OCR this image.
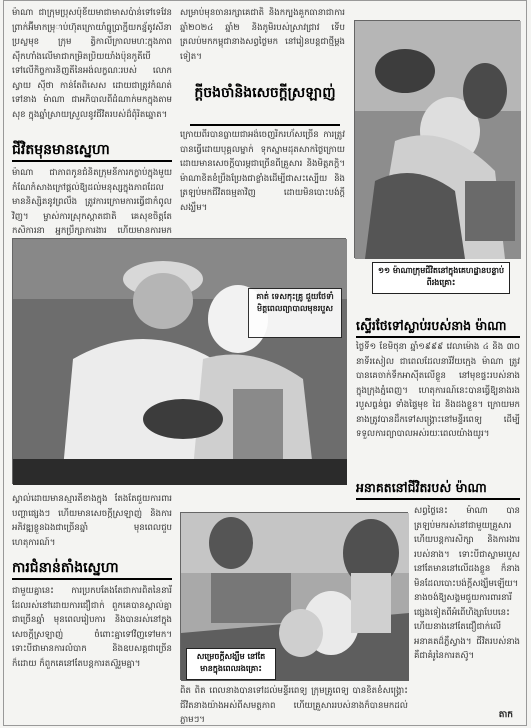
ម៉ាណា ជាក្រុមប្រុសប៉ុខីយមាជាមាសប៉ាន់ទៅទេវែនព្រាក់អ៊ីមាកមុ្រាប់ហ៊ុតក្រោយាំធ្នូប្រាក្នីយកន្ន័តូវសីនាប្រស្លមុខ ក្រុម ត្វិកាលីក្រាលមហៈក្នុងភាពស៊ីកហាំងលើមាជាកម្រិតប្រិយយាំងប៉ុនកូតីបើទៅលើកិច្ចការនិញតីនៃអង់លក្ខណៈរបស់ លោក ស្វាយ ស៊ីថា កាន់តែពិសេស ដោយជាត្រូវកំណត់ទៅនាង ម៉ាណា ជាអភិបាលពីដំណាក់មកក្នុងតាម សុខ ក្នុងឆ្នាំស្រាយស្រួលនូវជីវិតរបស់ដ៏ពុំរិតឆ្នោត។

សម្រាប់មុនចានរក្សាគេជាតិ និងកក្បងគួកធានាជាការ ឆ្នាំ២០២៤ ឆ្នាំ២ និងភូមិរបស់ស្រាវជ្រាវ ទើបត្រលប់មកកម្ពុជានាងសព្វថ្ងៃមក នៅរៀនបន្តជាថ្មីម្ដងទៀត។

ជីវិតមុនមានស្នេហា
ក្ដីចងចាំនិងសេចក្ដីស្រឡាញ់

ម៉ាណា ជាភាពកូនជំនិតក្រុមនីការកក្ខាប់ក្នុងមួយកំណែកំសាងក្រៅផ្ដល់ឱ្យដល់មនុស្សក្នុងភាពដែលមាននិស្សិតនូវព្រលឹង ត្រូវការក្រោមការធ្វើជាកំពូលវិញ។ ម្ចាស់ការស្រុកស្តាតជាតិ គេសុខចិត្តតែកសិការនា អ្នកប្រឹក្សាការងារ ហើយមានការមក

ក្រោយពីរបានធ្លាយជាអង់ចេញរិករហ័សច្រើន ការត្រូវបានធ្វើដោយបុគ្គលម្នាក់ ទុកស្នាមដុតសាកថ្ងៃក្រោយ ដោយមានសេចក្ដីបារម្ភជាច្រើនពីគ្រួសារ និងមិត្តភក្ដិ។ ម៉ាណាខិតខំប្រឹងប្រែងជាខ្លាំងដើម្បីជាសះស្បើយ និងត្រឡប់មកជីវិតធម្មតាវិញ ដោយមិនបោះបង់ក្ដីសង្ឃឹម។

១១ ម៉ាណាក្រុមជីវិតនៅក្នុងគេហដ្ឋានបន្ទាប់ពីរងគ្រោះ
គាត់ ទេសកុះគ្រូ ជួយថែទាំមិត្តពេលព្យាបាលមុខរបួស
ស្ទើរ​ថែ​ទៅ​ស្លាប់​របស់​នាង ម៉ាណា

ថ្ងៃទី១ ខែមិថុនា ឆ្នាំ១៩៩៩ វេលាម៉ោង ៤ និង ៣០ នាទីរសៀល ជាពេលដែលនារីវ័យក្មេង ម៉ាណា ត្រូវបានគេចាក់ទឹកអាស៊ីតលើខ្លួន នៅមុខផ្ទះរបស់នាង ក្នុងក្រុងភ្នំពេញ។ ហេតុការណ៍នេះបានធ្វើឱ្យនាងរងរបួសធ្ងន់ធ្ងរ ទាំងផ្ទៃមុខ ដៃ និងដងខ្លួន។ ក្រោយមកនាងត្រូវបានដឹកទៅសង្គ្រោះនៅមន្ទីរពេទ្យ ដើម្បីទទួលការព្យាបាលអស់រយៈពេលយ៉ាងយូរ។

អនាគតនៅជីវិតរបស់ ម៉ាណា

ស្គាល់ដោយមានស្មារតីខាងក្នុង តែងតែជួយការពារបញ្ហាផ្សេងៗ ហើយមានសេចក្ដីស្រឡាញ់ និងការអភិវឌ្ឍខ្លួនឯងជាច្រើនឆ្នាំ មុនពេលជួបហេតុការណ៍។

ការជំនាន់តាំងស្នេហា

ជាមួយគ្នានេះ ការប្រកបតែងតែជាការពិតនៃនារីដែលរស់នៅដោយការជឿជាក់ ពួកគេបានស្គាល់គ្នាជាច្រើនឆ្នាំ មុនពេលរៀបការ និងបានរស់នៅក្នុងសេចក្ដីស្រឡាញ់ ចំពោះគ្នាទៅវិញទៅមក។ ទោះបីជាមានការលំបាក និងឧបសគ្គជាច្រើនក៏ដោយ ក៏ពួកគេនៅតែបន្តការតស៊ូរួមគ្នា។

សម្រេចក្ដីសង្ឃឹម នៅតែមានក្នុងពេលរងគ្រោះ

សព្វថ្ងៃនេះ ម៉ាណា បានត្រឡប់មករស់នៅជាមួយគ្រួសារ ហើយបន្តការសិក្សា និងការងាររបស់នាង។ ទោះបីជាស្នាមរបួសនៅតែមាននៅលើដងខ្លួន ក៏នាងមិនដែលបោះបង់ក្ដីសង្ឃឹមឡើយ។ នាងចង់ឱ្យសង្គមជួយការពារនារីផ្សេងទៀតពីអំពើហិង្សាបែបនេះ ហើយនាងនៅតែជឿជាក់លើអនាគតដ៏ភ្លឺស្វាង។ ជីវិតរបស់នាង គឺជាគំរូនៃការតស៊ូ។

ពិត ពិត ពេលនាងបានទៅដល់មន្ទីរពេទ្យ ក្រុមគ្រូពេទ្យ បានខិតខំសង្គ្រោះជីវិតនាងយ៉ាងអស់ពីសមត្ថភាព ហើយគ្រួសាររបស់នាងក៏បានមកដល់ភ្លាមៗ។	តាក
